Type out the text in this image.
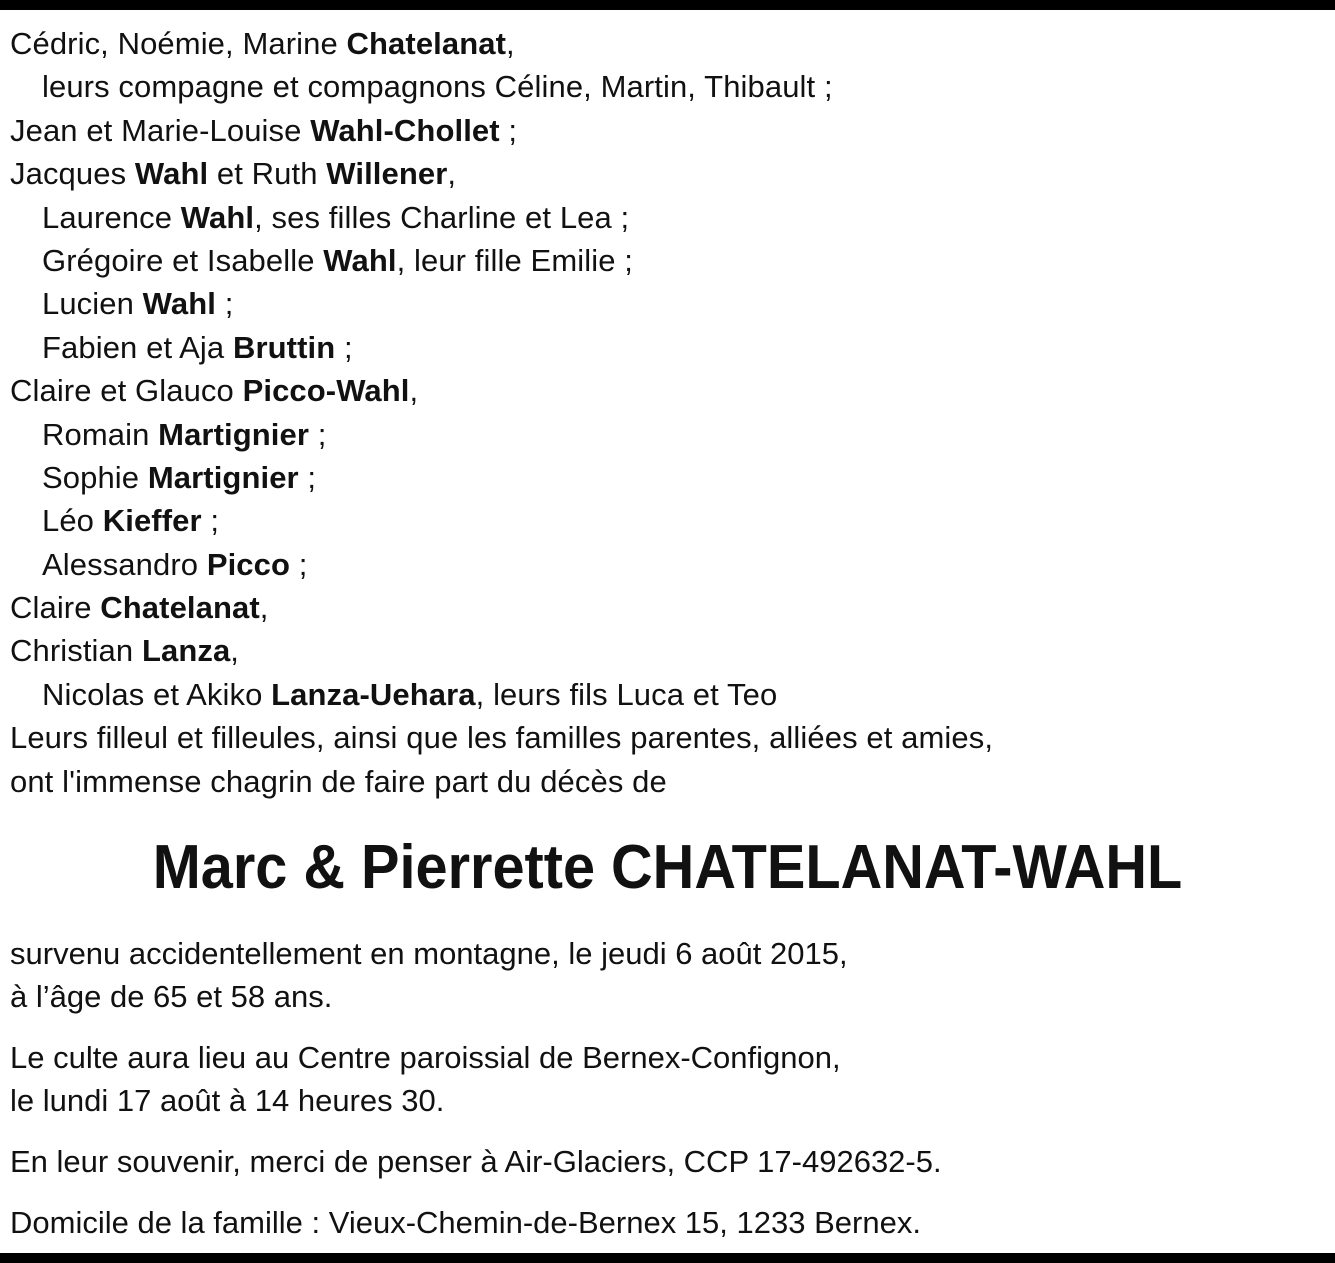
Cédric, Noémie, Marine Chatelanat,
leurs compagne et compagnons Céline, Martin, Thibault ;
Jean et Marie-Louise Wahl-Chollet ;
Jacques Wahl et Ruth Willener,
Laurence Wahl, ses filles Charline et Lea ;
Grégoire et Isabelle Wahl, leur fille Emilie ;
Lucien Wahl ;
Fabien et Aja Bruttin ;
Claire et Glauco Picco-Wahl,
Romain Martignier ;
Sophie Martignier ;
Léo Kieffer ;
Alessandro Picco ;
Claire Chatelanat,
Christian Lanza,
Nicolas et Akiko Lanza-Uehara, leurs fils Luca et Teo
Leurs filleul et filleules, ainsi que les familles parentes, alliées et amies,
ont l'immense chagrin de faire part du décès de
Marc & Pierrette CHATELANAT-WAHL
survenu accidentellement en montagne, le jeudi 6 août 2015,
à l’âge de 65 et 58 ans.
Le culte aura lieu au Centre paroissial de Bernex-Confignon,
le lundi 17 août à 14 heures 30.
En leur souvenir, merci de penser à Air-Glaciers, CCP 17-492632-5.
Domicile de la famille : Vieux-Chemin-de-Bernex 15, 1233 Bernex.
